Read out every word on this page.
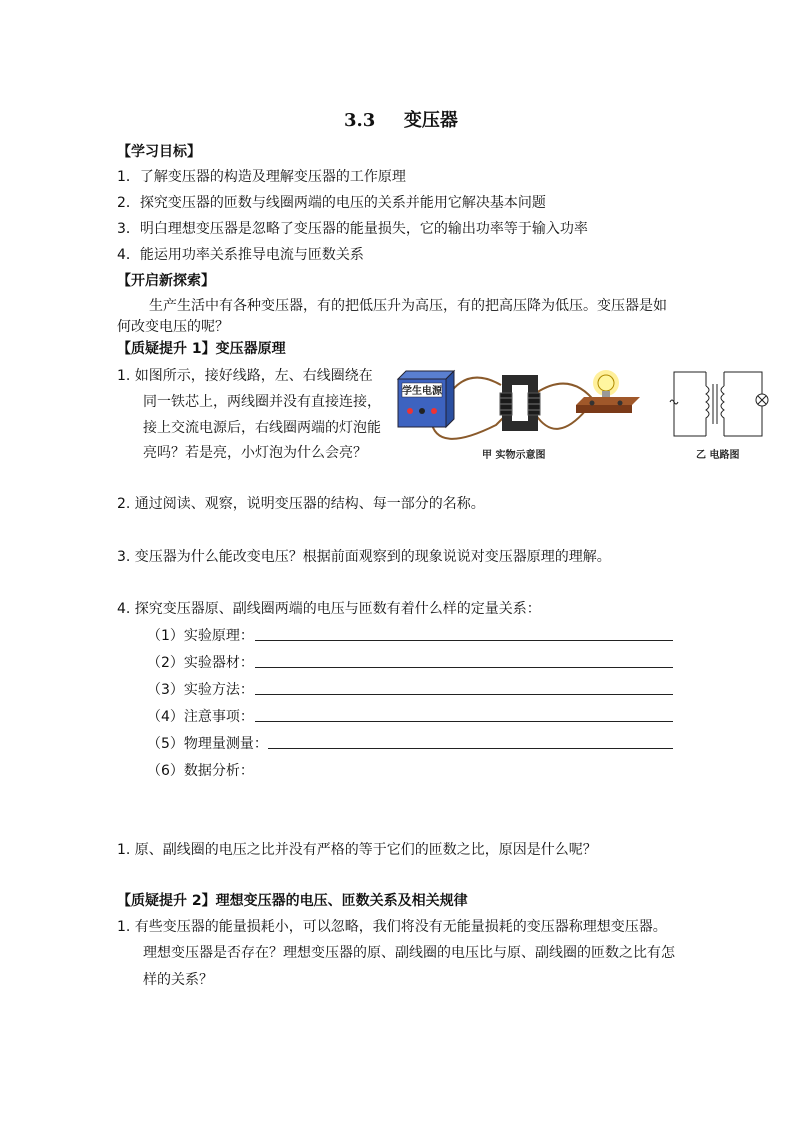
3.3 变压器
【学习目标】
1．了解变压器的构造及理解变压器的工作原理
2．探究变压器的匝数与线圈两端的电压的关系并能用它解决基本问题
3．明白理想变压器是忽略了变压器的能量损失，它的输出功率等于输入功率
4．能运用功率关系推导电流与匝数关系
【开启新探索】
生产生活中有各种变压器，有的把低压升为高压，有的把高压降为低压。变压器是如
何改变电压的呢？
【质疑提升 1】变压器原理
1. 如图所示，接好线路，左、右线圈绕在
同一铁芯上，两线圈并没有直接连接，
接上交流电源后，右线圈两端的灯泡能
亮吗？若是亮，小灯泡为什么会亮？
学生电源
甲 实物示意图	乙 电路图
2. 通过阅读、观察，说明变压器的结构、每一部分的名称。
3. 变压器为什么能改变电压？根据前面观察到的现象说说对变压器原理的理解。
4. 探究变压器原、副线圈两端的电压与匝数有着什么样的定量关系：
（1）实验原理：
（2）实验器材：
（3）实验方法：
（4）注意事项：
（5）物理量测量：
（6）数据分析：
1. 原、副线圈的电压之比并没有严格的等于它们的匝数之比，原因是什么呢？
【质疑提升 2】理想变压器的电压、匝数关系及相关规律
1. 有些变压器的能量损耗小，可以忽略，我们将没有无能量损耗的变压器称理想变压器。
理想变压器是否存在？理想变压器的原、副线圈的电压比与原、副线圈的匝数之比有怎
样的关系？
